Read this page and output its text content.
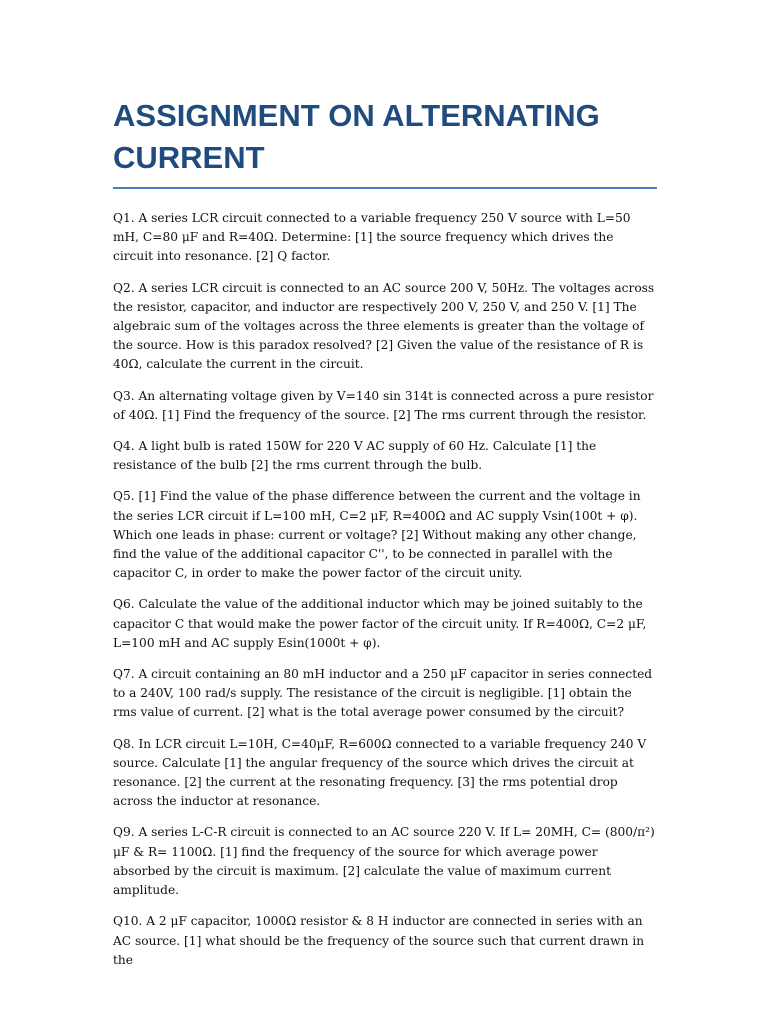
ASSIGNMENT ON ALTERNATING CURRENT

Q1. A series LCR circuit connected to a variable frequency 250 V source with L=50 mH, C=80 μF and R=40Ω. Determine: [1] the source frequency which drives the circuit into resonance. [2] Q factor.

Q2. A series LCR circuit is connected to an AC source 200 V, 50Hz. The voltages across the resistor, capacitor, and inductor are respectively 200 V, 250 V, and 250 V. [1] The algebraic sum of the voltages across the three elements is greater than the voltage of the source. How is this paradox resolved? [2] Given the value of the resistance of R is 40Ω, calculate the current in the circuit.

Q3. An alternating voltage given by V=140 sin 314t is connected across a pure resistor of 40Ω. [1] Find the frequency of the source. [2] The rms current through the resistor.

Q4. A light bulb is rated 150W for 220 V AC supply of 60 Hz. Calculate [1] the resistance of the bulb [2] the rms current through the bulb.

Q5. [1] Find the value of the phase difference between the current and the voltage in the series LCR circuit if L=100 mH, C=2 μF, R=400Ω and AC supply Vsin(100t + φ). Which one leads in phase: current or voltage? [2] Without making any other change, find the value of the additional capacitor C'', to be connected in parallel with the capacitor C, in order to make the power factor of the circuit unity.

Q6. Calculate the value of the additional inductor which may be joined suitably to the capacitor C that would make the power factor of the circuit unity. If R=400Ω, C=2 μF, L=100 mH and AC supply Esin(1000t + φ).

Q7. A circuit containing an 80 mH inductor and a 250 μF capacitor in series connected to a 240V, 100 rad/s supply. The resistance of the circuit is negligible. [1] obtain the rms value of current. [2] what is the total average power consumed by the circuit?

Q8. In LCR circuit L=10H, C=40μF, R=600Ω connected to a variable frequency 240 V source. Calculate [1] the angular frequency of the source which drives the circuit at resonance. [2] the current at the resonating frequency. [3] the rms potential drop across the inductor at resonance.

Q9. A series L-C-R circuit is connected to an AC source 220 V. If L= 20MH, C= (800/π²) μF & R= 1100Ω. [1] find the frequency of the source for which average power absorbed by the circuit is maximum. [2] calculate the value of maximum current amplitude.

Q10. A 2 μF capacitor, 1000Ω resistor & 8 H inductor are connected in series with an AC source. [1] what should be the frequency of the source such that current drawn in the
